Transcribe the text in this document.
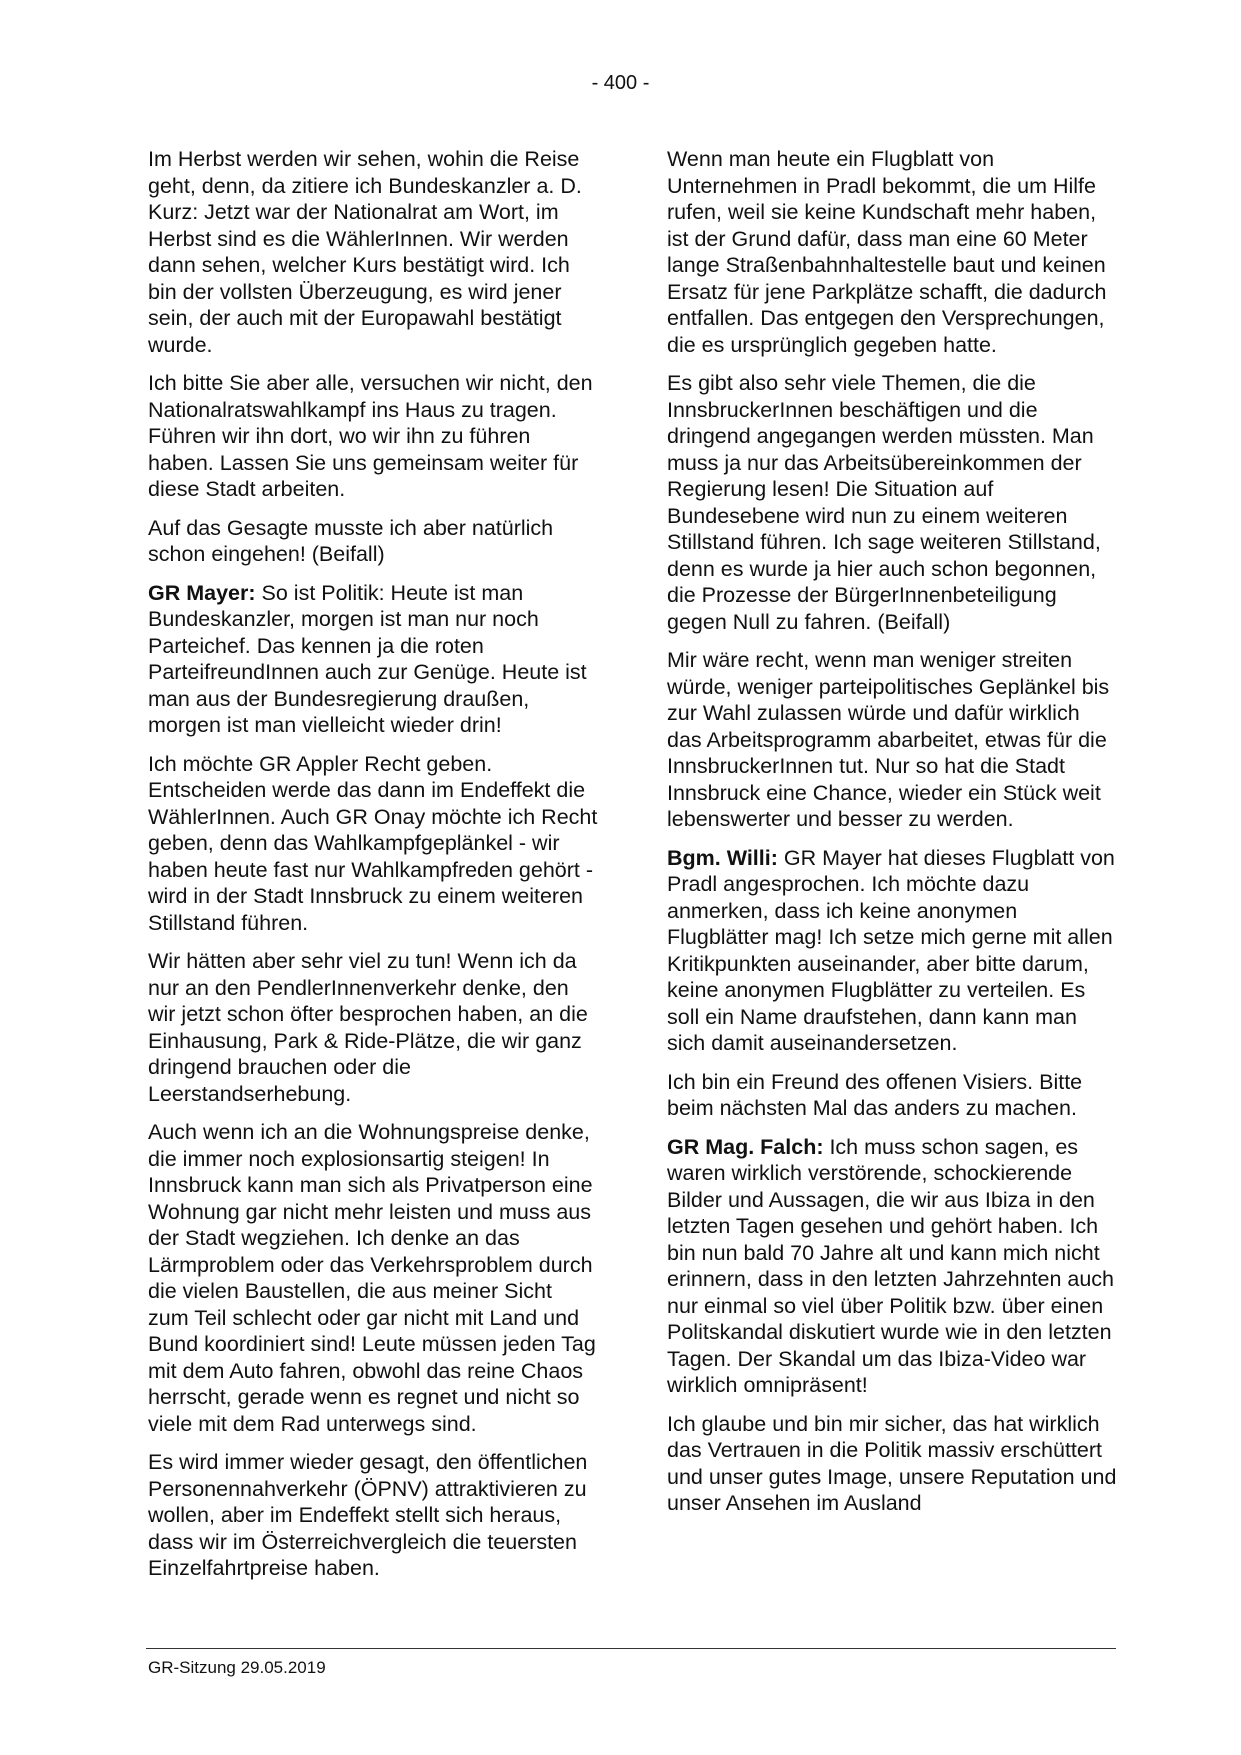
- 400 -

Im Herbst werden wir sehen, wohin die Reise geht, denn, da zitiere ich Bundeskanzler a. D. Kurz: Jetzt war der Nationalrat am Wort, im Herbst sind es die WählerInnen. Wir werden dann sehen, welcher Kurs bestätigt wird. Ich bin der vollsten Überzeugung, es wird jener sein, der auch mit der Europawahl bestätigt wurde.

Ich bitte Sie aber alle, versuchen wir nicht, den Nationalratswahlkampf ins Haus zu tragen. Führen wir ihn dort, wo wir ihn zu führen haben. Lassen Sie uns gemeinsam weiter für diese Stadt arbeiten.

Auf das Gesagte musste ich aber natürlich schon eingehen! (Beifall)

GR Mayer: So ist Politik: Heute ist man Bundeskanzler, morgen ist man nur noch Parteichef. Das kennen ja die roten ParteifreundInnen auch zur Genüge. Heute ist man aus der Bundesregierung draußen, morgen ist man vielleicht wieder drin!

Ich möchte GR Appler Recht geben. Entscheiden werde das dann im Endeffekt die WählerInnen. Auch GR Onay möchte ich Recht geben, denn das Wahlkampfgeplänkel - wir haben heute fast nur Wahlkampfreden gehört - wird in der Stadt Innsbruck zu einem weiteren Stillstand führen.

Wir hätten aber sehr viel zu tun! Wenn ich da nur an den PendlerInnenverkehr denke, den wir jetzt schon öfter besprochen haben, an die Einhausung, Park & Ride-Plätze, die wir ganz dringend brauchen oder die Leerstandserhebung.

Auch wenn ich an die Wohnungspreise denke, die immer noch explosionsartig steigen! In Innsbruck kann man sich als Privatperson eine Wohnung gar nicht mehr leisten und muss aus der Stadt wegziehen. Ich denke an das Lärmproblem oder das Verkehrsproblem durch die vielen Baustellen, die aus meiner Sicht zum Teil schlecht oder gar nicht mit Land und Bund koordiniert sind! Leute müssen jeden Tag mit dem Auto fahren, obwohl das reine Chaos herrscht, gerade wenn es regnet und nicht so viele mit dem Rad unterwegs sind.

Es wird immer wieder gesagt, den öffentlichen Personennahverkehr (ÖPNV) attraktivieren zu wollen, aber im Endeffekt stellt sich heraus, dass wir im Österreichvergleich die teuersten Einzelfahrtpreise haben.

Wenn man heute ein Flugblatt von Unternehmen in Pradl bekommt, die um Hilfe rufen, weil sie keine Kundschaft mehr haben, ist der Grund dafür, dass man eine 60 Meter lange Straßenbahnhaltestelle baut und keinen Ersatz für jene Parkplätze schafft, die dadurch entfallen. Das entgegen den Versprechungen, die es ursprünglich gegeben hatte.

Es gibt also sehr viele Themen, die die InnsbruckerInnen beschäftigen und die dringend angegangen werden müssten. Man muss ja nur das Arbeitsübereinkommen der Regierung lesen! Die Situation auf Bundesebene wird nun zu einem weiteren Stillstand führen. Ich sage weiteren Stillstand, denn es wurde ja hier auch schon begonnen, die Prozesse der BürgerInnenbeteiligung gegen Null zu fahren. (Beifall)

Mir wäre recht, wenn man weniger streiten würde, weniger parteipolitisches Geplänkel bis zur Wahl zulassen würde und dafür wirklich das Arbeitsprogramm abarbeitet, etwas für die InnsbruckerInnen tut. Nur so hat die Stadt Innsbruck eine Chance, wieder ein Stück weit lebenswerter und besser zu werden.

Bgm. Willi: GR Mayer hat dieses Flugblatt von Pradl angesprochen. Ich möchte dazu anmerken, dass ich keine anonymen Flugblätter mag! Ich setze mich gerne mit allen Kritikpunkten auseinander, aber bitte darum, keine anonymen Flugblätter zu verteilen. Es soll ein Name draufstehen, dann kann man sich damit auseinandersetzen.

Ich bin ein Freund des offenen Visiers. Bitte beim nächsten Mal das anders zu machen.

GR Mag. Falch: Ich muss schon sagen, es waren wirklich verstörende, schockierende Bilder und Aussagen, die wir aus Ibiza in den letzten Tagen gesehen und gehört haben. Ich bin nun bald 70 Jahre alt und kann mich nicht erinnern, dass in den letzten Jahrzehnten auch nur einmal so viel über Politik bzw. über einen Politskandal diskutiert wurde wie in den letzten Tagen. Der Skandal um das Ibiza-Video war wirklich omnipräsent!

Ich glaube und bin mir sicher, das hat wirklich das Vertrauen in die Politik massiv erschüttert und unser gutes Image, unsere Reputation und unser Ansehen im Ausland

GR-Sitzung 29.05.2019
